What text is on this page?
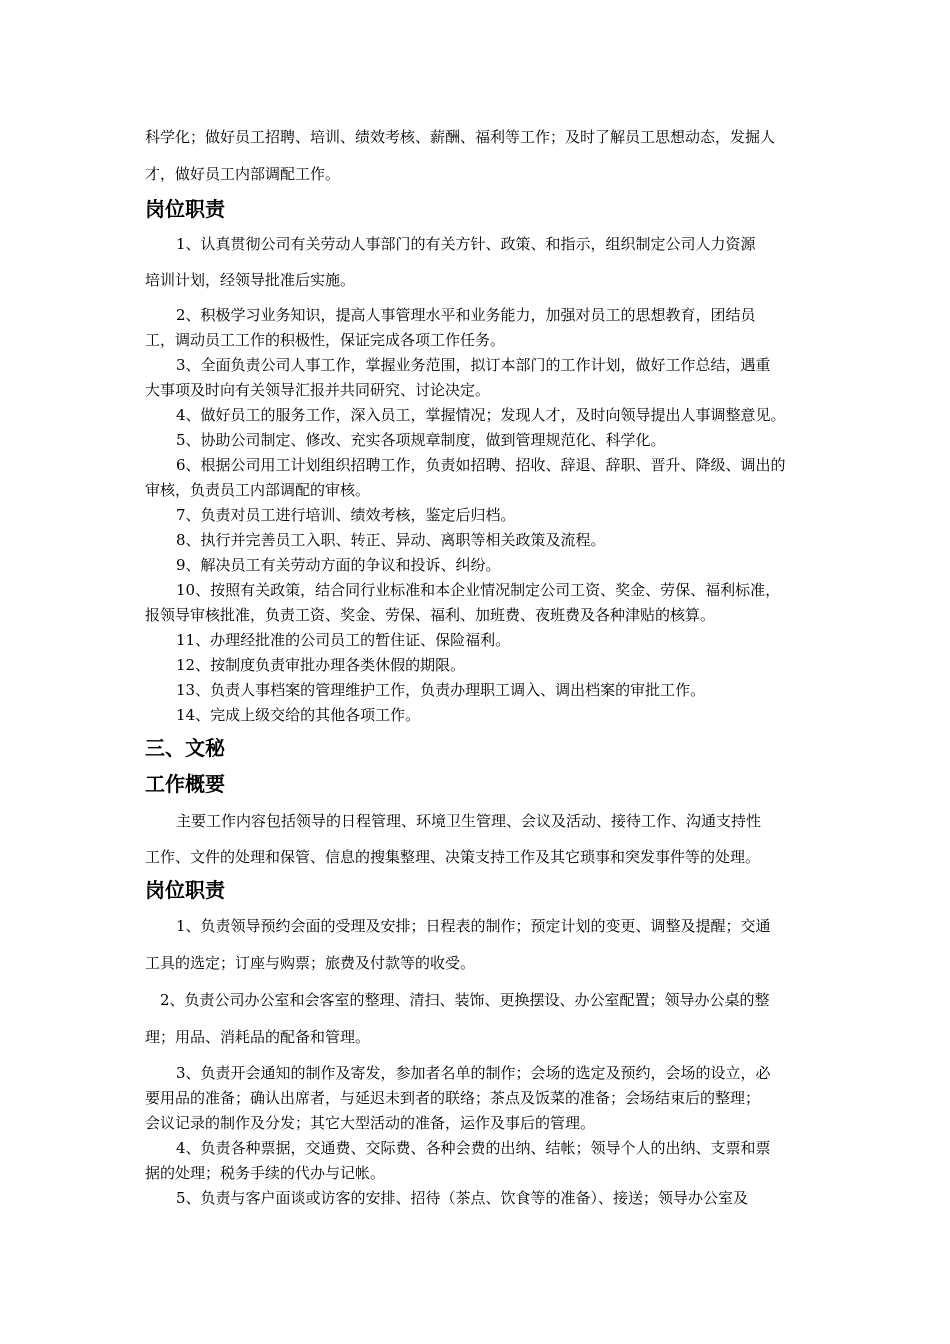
科学化；做好员工招聘、培训、绩效考核、薪酬、福利等工作；及时了解员工思想动态，发掘人
才，做好员工内部调配工作。
岗位职责
1、认真贯彻公司有关劳动人事部门的有关方针、政策、和指示，组织制定公司人力资源
培训计划，经领导批准后实施。
2、积极学习业务知识，提高人事管理水平和业务能力，加强对员工的思想教育，团结员
工，调动员工工作的积极性，保证完成各项工作任务。
3、全面负责公司人事工作，掌握业务范围，拟订本部门的工作计划，做好工作总结，遇重
大事项及时向有关领导汇报并共同研究、讨论决定。
4、做好员工的服务工作，深入员工，掌握情况；发现人才，及时向领导提出人事调整意见。
5、协助公司制定、修改、充实各项规章制度，做到管理规范化、科学化。
6、根据公司用工计划组织招聘工作，负责如招聘、招收、辞退、辞职、晋升、降级、调出的
审核，负责员工内部调配的审核。
7、负责对员工进行培训、绩效考核，鉴定后归档。
8、执行并完善员工入职、转正、异动、离职等相关政策及流程。
9、解决员工有关劳动方面的争议和投诉、纠纷。
10、按照有关政策，结合同行业标准和本企业情况制定公司工资、奖金、劳保、福利标准，
报领导审核批准，负责工资、奖金、劳保、福利、加班费、夜班费及各种津贴的核算。
11、办理经批准的公司员工的暂住证、保险福利。
12、按制度负责审批办理各类休假的期限。
13、负责人事档案的管理维护工作，负责办理职工调入、调出档案的审批工作。
14、完成上级交给的其他各项工作。
三、文秘
工作概要
主要工作内容包括领导的日程管理、环境卫生管理、会议及活动、接待工作、沟通支持性
工作、文件的处理和保管、信息的搜集整理、决策支持工作及其它琐事和突发事件等的处理。
岗位职责
1、负责领导预约会面的受理及安排；日程表的制作；预定计划的变更、调整及提醒；交通
工具的选定；订座与购票；旅费及付款等的收受。
2、负责公司办公室和会客室的整理、清扫、装饰、更换摆设、办公室配置；领导办公桌的整
理；用品、消耗品的配备和管理。
3、负责开会通知的制作及寄发，参加者名单的制作；会场的选定及预约，会场的设立，必
要用品的准备；确认出席者，与延迟未到者的联络；茶点及饭菜的准备；会场结束后的整理；
会议记录的制作及分发；其它大型活动的准备，运作及事后的管理。
4、负责各种票据，交通费、交际费、各种会费的出纳、结帐；领导个人的出纳、支票和票
据的处理；税务手续的代办与记帐。
5、负责与客户面谈或访客的安排、招待（茶点、饮食等的准备）、接送；领导办公室及
